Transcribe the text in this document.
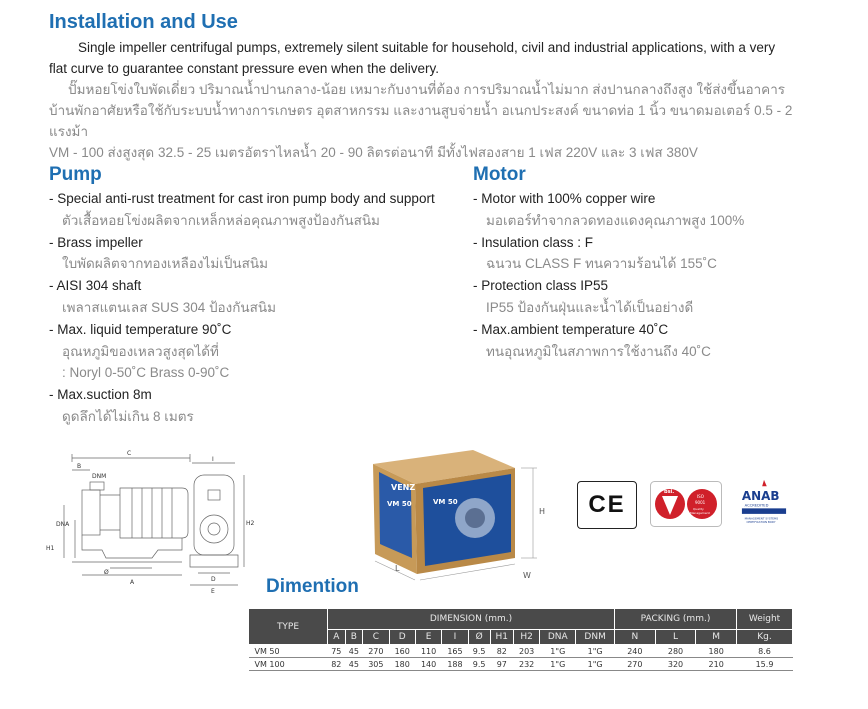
Installation and Use
Single impeller centrifugal pumps, extremely silent suitable for household, civil and industrial applications, with a very
flat curve to guarantee constant pressure even when the delivery.
ปั๊มหอยโข่งใบพัดเดี่ยว ปริมาณน้ำปานกลาง-น้อย เหมาะกับงานที่ต้อง การปริมาณน้ำไม่มาก ส่งปานกลางถึงสูง ใช้ส่งขึ้นอาคาร
บ้านพักอาศัยหรือใช้กับระบบน้ำทางการเกษตร อุตสาหกรรม และงานสูบจ่ายน้ำ อเนกประสงค์ ขนาดท่อ 1 นิ้ว ขนาดมอเตอร์ 0.5 - 2 แรงม้า
VM - 100 ส่งสูงสุด 32.5 - 25 เมตรอัตราไหลน้ำ 20 - 90 ลิตรต่อนาที มีทั้งไฟสองสาย 1 เฟส 220V และ 3 เฟส 380V
Pump
- Special anti-rust treatment for cast iron pump body and support
ตัวเสื้อหอยโข่งผลิตจากเหล็กหล่อคุณภาพสูงป้องกันสนิม
- Brass impeller
ใบพัดผลิตจากทองเหลืองไม่เป็นสนิม
- AISI 304 shaft
เพลาสแตนเลส SUS 304 ป้องกันสนิม
- Max. liquid temperature 90˚C
อุณหภูมิของเหลวสูงสุดได้ที่
: Noryl 0-50˚C Brass 0-90˚C
- Max.suction 8m
ดูดลึกได้ไม่เกิน 8 เมตร
Motor
- Motor with 100% copper wire
มอเตอร์ทำจากลวดทองแดงคุณภาพสูง 100%
- Insulation class : F
ฉนวน CLASS F ทนความร้อนได้ 155˚C
- Protection class IP55
IP55 ป้องกันฝุ่นและน้ำได้เป็นอย่างดี
- Max.ambient temperature 40˚C
ทนอุณหภูมิในสภาพการใช้งานถึง 40˚C
C
B
DNM
DNA
H1
A
Ø
I
D
E
H2
VENZ
VM 50	VM 50
H
L
W
CE	bsi.
ISO
9001
Quality
Management
ANAB
ACCREDITED
MANAGEMENT SYSTEMS
CERTIFICATION BODY
Dimention
TYPE	DIMENSION (mm.)											PACKING (mm.)			Weight
	A	B	C	D	E	I	Ø	H1	H2	DNA	DNM	N	L	M	Kg.
VM 50	75	45	270	160	110	165	9.5	82	203	1"G	1"G	240	280	180	8.6
VM 100	82	45	305	180	140	188	9.5	97	232	1"G	1"G	270	320	210	15.9
